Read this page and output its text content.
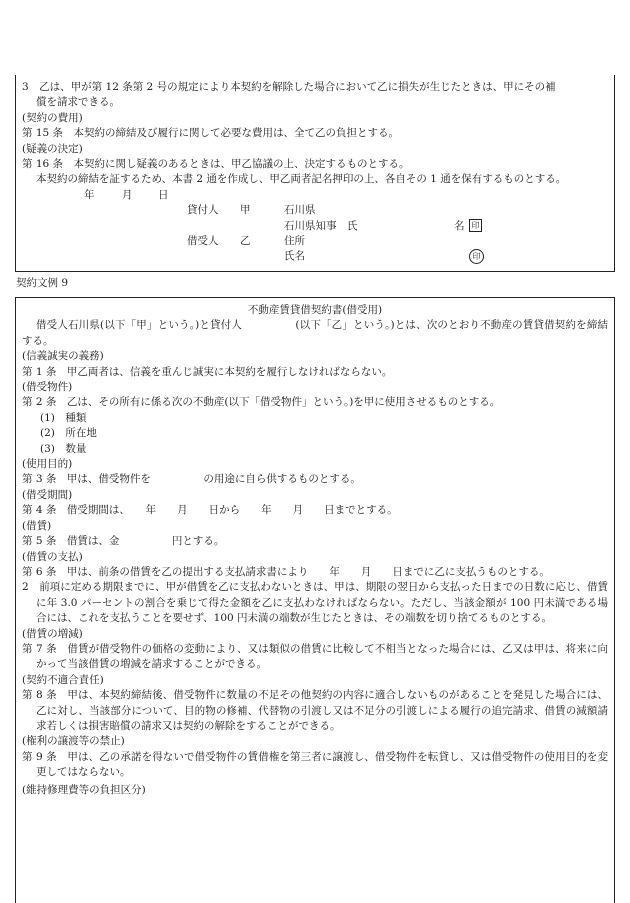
3　乙は、甲が第 12 条第 2 号の規定により本契約を解除した場合において乙に損失が生じたときは、甲にその補

償を請求できる。

(契約の費用)

第 15 条　本契約の締結及び履行に関して必要な費用は、全て乙の負担とする。

(疑義の決定)

第 16 条　本契約に関し疑義のあるときは、甲乙協議の上、決定するものとする。

本契約の締結を証するため、本書 2 通を作成し、甲乙両者記名押印の上、各自その 1 通を保有するものとする。

年	月 日
貸付人 甲	石川県
石川県知事　氏	名 印
借受人 乙	住所
氏名	印

契約文例 9

不動産賃貸借契約書(借受用)

借受人石川県(以下「甲」という。)と貸付人　　　　　(以下「乙」という。)とは、次のとおり不動産の賃貸借契約を締結する。

(信義誠実の義務)

第 1 条　甲乙両者は、信義を重んじ誠実に本契約を履行しなければならない。

(借受物件)

第 2 条　乙は、その所有に係る次の不動産(以下「借受物件」という。)を甲に使用させるものとする。

(1)　種類

(2)　所在地

(3)　数量

(使用目的)

第 3 条　甲は、借受物件を　　　　　の用途に自ら供するものとする。

(借受期間)

第 4 条　借受期間は、　　年　　月　　日から　　年　　月　　日までとする。

(借賃)

第 5 条　借賃は、金　　　　　円とする。

(借賃の支払)

第 6 条　甲は、前条の借賃を乙の提出する支払請求書により　　年　　月　　日までに乙に支払うものとする。

2　前項に定める期限までに、甲が借賃を乙に支払わないときは、甲は、期限の翌日から支払った日までの日数に応じ、借賃に年 3.0 パーセントの割合を乗じて得た金額を乙に支払わなければならない。ただし、当該金額が 100 円未満である場合には、これを支払うことを要せず、100 円未満の端数が生じたときは、その端数を切り捨てるものとする。

(借賃の増減)

第 7 条　借賃が借受物件の価格の変動により、又は類似の借賃に比較して不相当となった場合には、乙又は甲は、将来に向かって当該借賃の増減を請求することができる。

(契約不適合責任)

第 8 条　甲は、本契約締結後、借受物件に数量の不足その他契約の内容に適合しないものがあることを発見した場合には、乙に対し、当該部分について、目的物の修補、代替物の引渡し又は不足分の引渡しによる履行の追完請求、借賃の減額請求若しくは損害賠償の請求又は契約の解除をすることができる。

(権利の譲渡等の禁止)

第 9 条　甲は、乙の承諾を得ないで借受物件の賃借権を第三者に譲渡し、借受物件を転貸し、又は借受物件の使用目的を変更してはならない。

(維持修理費等の負担区分)
